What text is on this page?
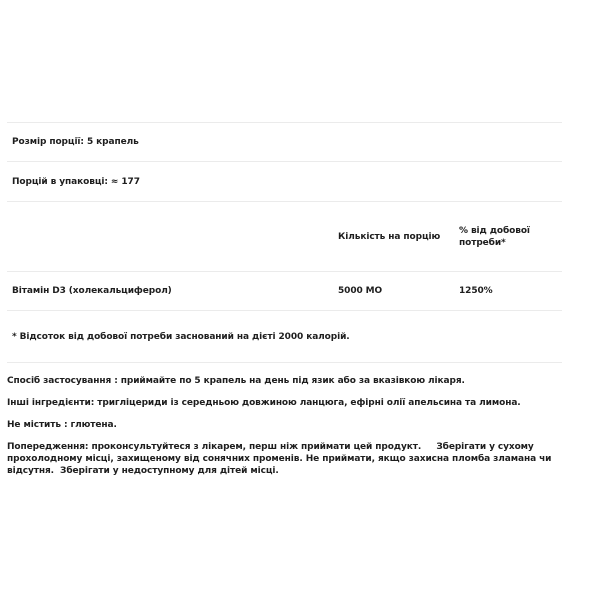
Розмір порції: 5 крапель
Порцій в упаковці: ≈ 177
Кількість на порцію
% від добової потреби*
Вітамін D3 (холекальциферол)	5000 МО	1250%
* Відсоток від добової потреби заснований на дієті 2000 калорій.
Спосіб застосування : приймайте по 5 крапель на день під язик або за вказівкою лікаря.
Інші інгредієнти: тригліцериди із середньою довжиною ланцюга, ефірні олії апельсина та лимона.
Не містить : глютена.
Попередження: проконсультуйтеся з лікарем, перш ніж приймати цей продукт.     Зберігати у сухому прохолодному місці, захищеному від сонячних променів. Не приймати, якщо захисна пломба зламана чи відсутня.  Зберігати у недоступному для дітей місці.
